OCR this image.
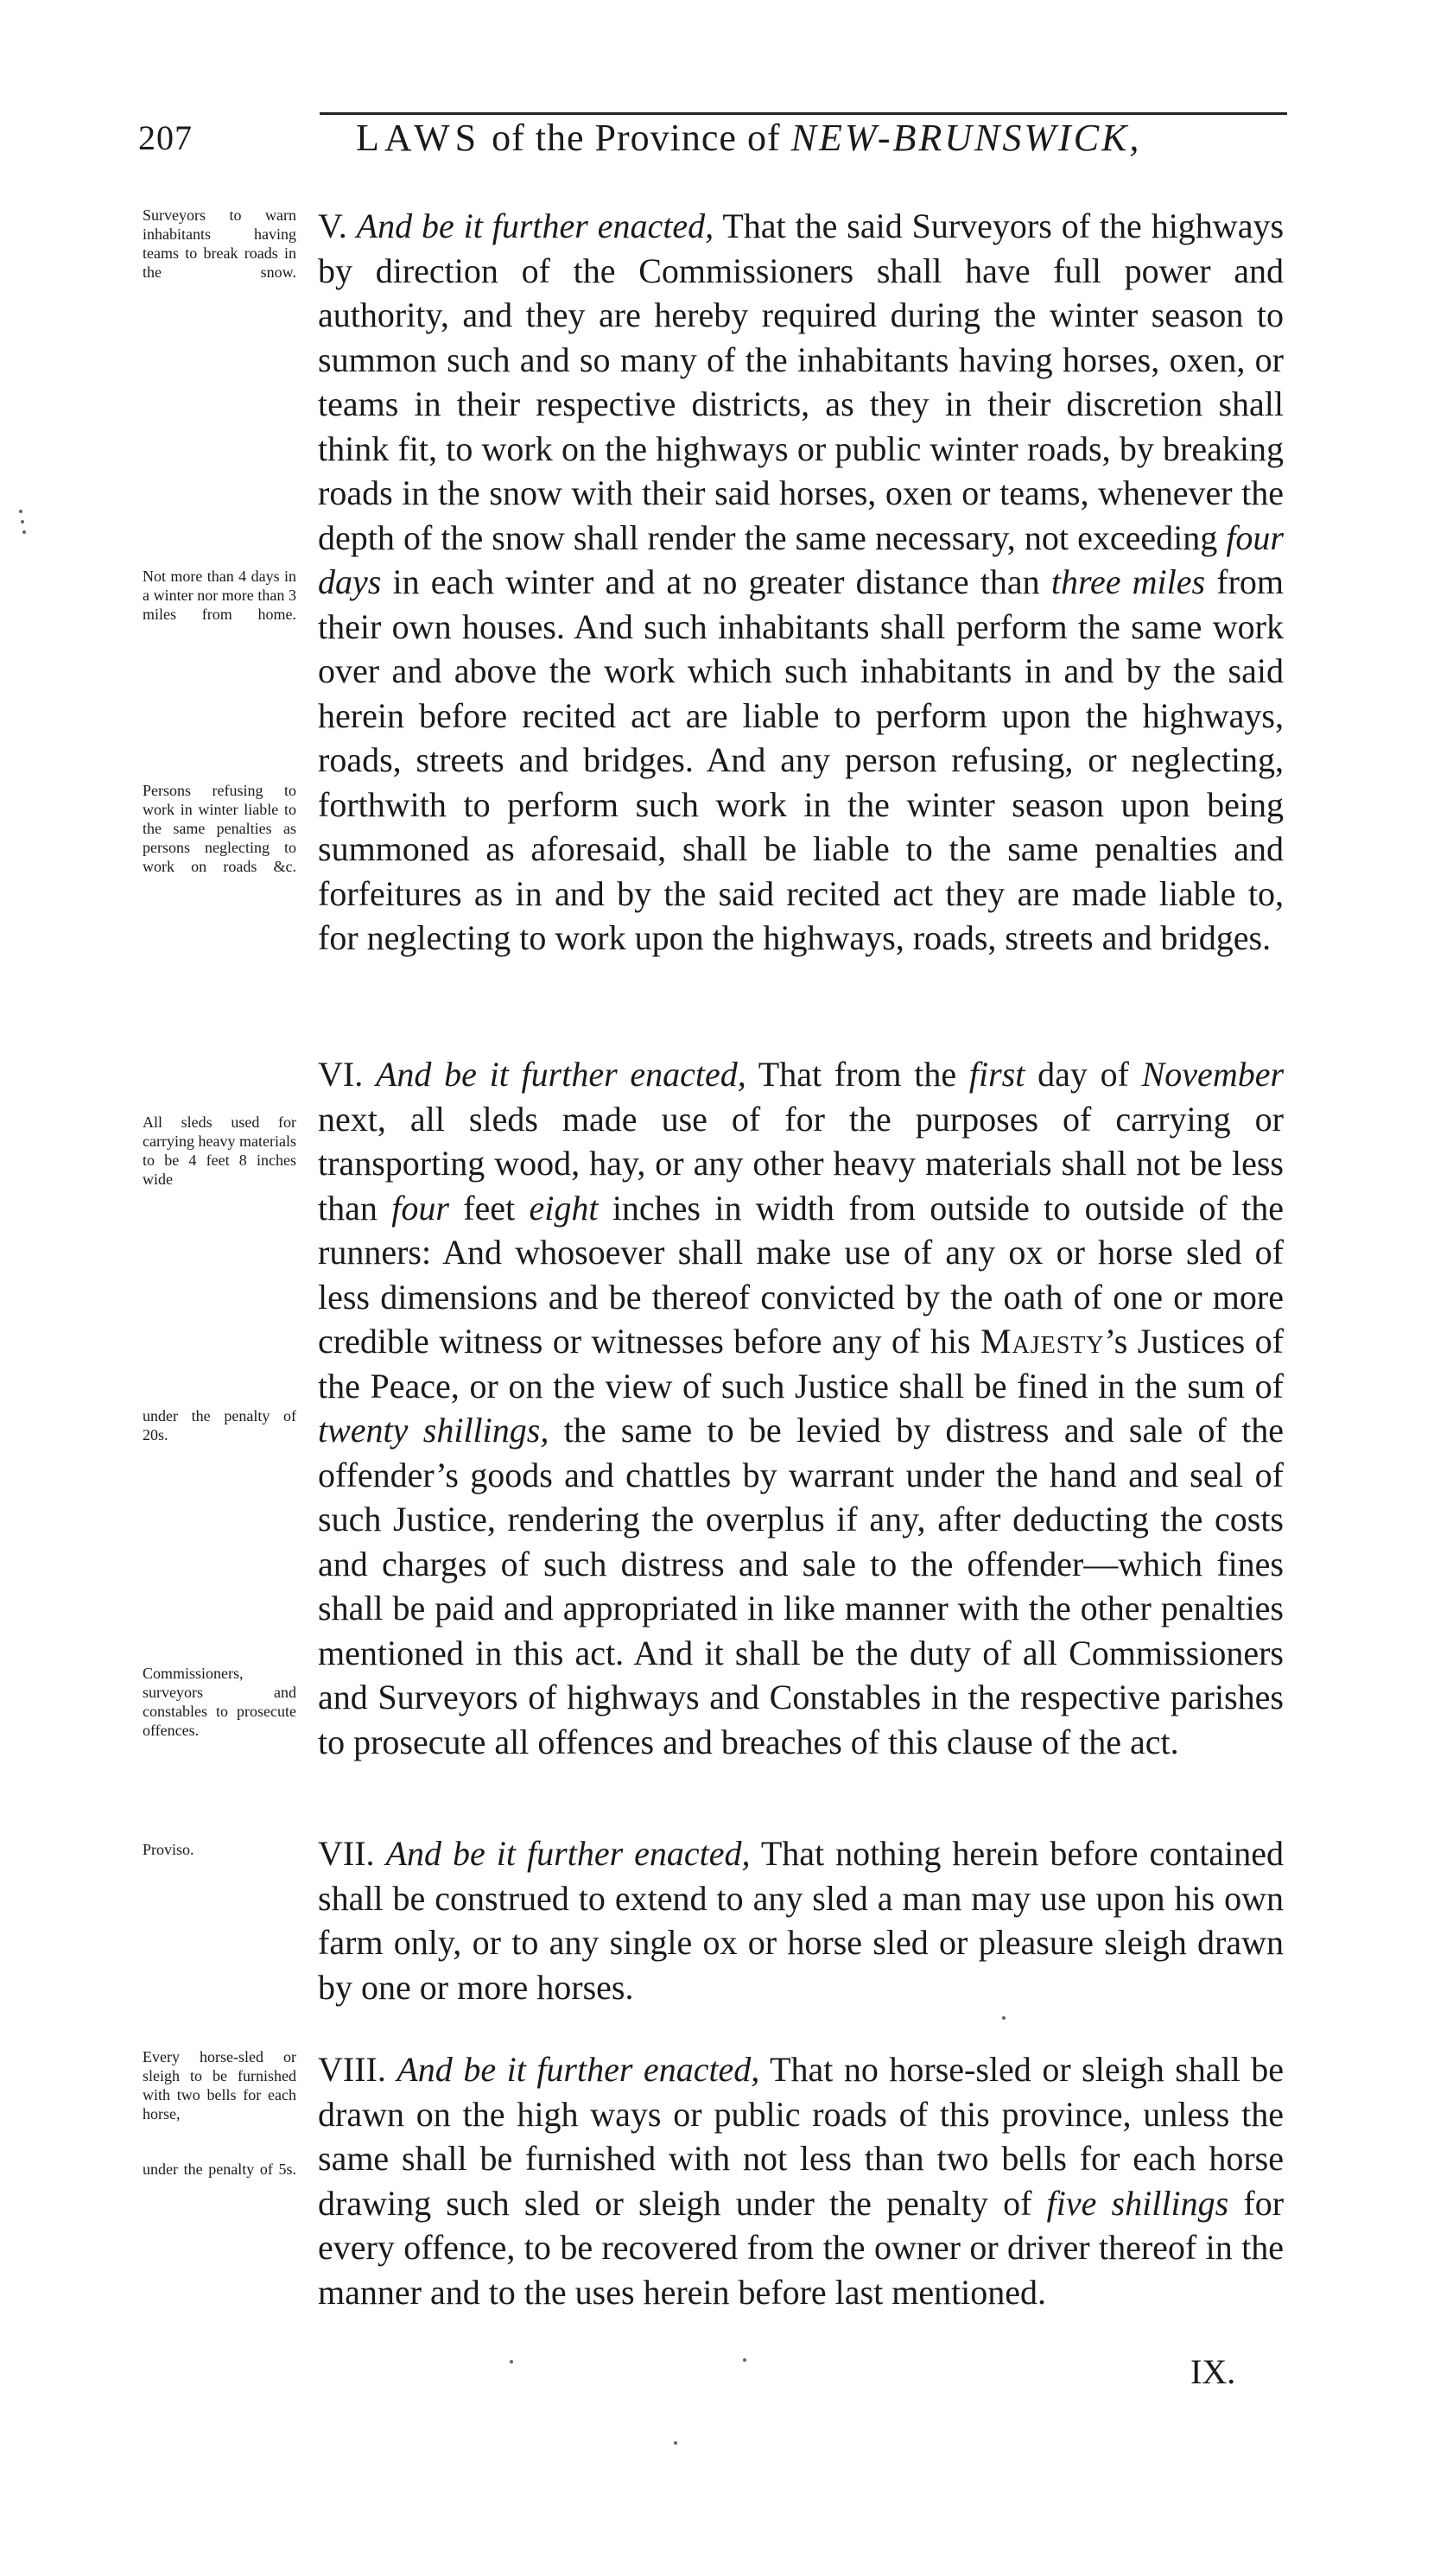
207	LAWS of the Province of NEW-BRUNSWICK,
Surveyors to warn inhabitants having teams to break roads in the snow.
Not more than 4 days in a winter nor more than 3 miles from home.
Persons refusing to work in winter liable to the same penalties as persons neglecting to work on roads &c.
All sleds used for carrying heavy materials to be 4 feet 8 inches wide
under the penalty of 20s.
Commissioners, surveyors and constables to prosecute offences.
Proviso.
Every horse-sled or sleigh to be furnished with two bells for each horse,
under the penalty of 5s.
V. And be it further enacted, That the said Surveyors of the highways by direction of the Commissioners shall have full power and authority, and they are hereby required during the winter season to summon such and so many of the inhabitants having horses, oxen, or teams in their respective districts, as they in their discretion shall think fit, to work on the highways or public winter roads, by breaking roads in the snow with their said horses, oxen or teams, whenever the depth of the snow shall render the same necessary, not exceeding four days in each winter and at no greater distance than three miles from their own houses. And such inhabitants shall perform the same work over and above the work which such inhabitants in and by the said herein before recited act are liable to perform upon the highways, roads, streets and bridges. And any person refusing, or neglecting, forthwith to perform such work in the winter season upon being summoned as aforesaid, shall be liable to the same penalties and forfeitures as in and by the said recited act they are made liable to, for neglecting to work upon the highways, roads, streets and bridges.
VI. And be it further enacted, That from the first day of November next, all sleds made use of for the purposes of carrying or transporting wood, hay, or any other heavy materials shall not be less than four feet eight inches in width from outside to outside of the runners: And whosoever shall make use of any ox or horse sled of less dimensions and be thereof convicted by the oath of one or more credible witness or witnesses before any of his Majesty’s Justices of the Peace, or on the view of such Justice shall be fined in the sum of twenty shillings, the same to be levied by distress and sale of the offender’s goods and chattles by warrant under the hand and seal of such Justice, rendering the overplus if any, after deducting the costs and charges of such distress and sale to the offender—which fines shall be paid and appropriated in like manner with the other penalties mentioned in this act. And it shall be the duty of all Commissioners and Surveyors of highways and Constables in the respective parishes to prosecute all offences and breaches of this clause of the act.
VII. And be it further enacted, That nothing herein before contained shall be construed to extend to any sled a man may use upon his own farm only, or to any single ox or horse sled or pleasure sleigh drawn by one or more horses.
VIII. And be it further enacted, That no horse-sled or sleigh shall be drawn on the high ways or public roads of this province, unless the same shall be furnished with not less than two bells for each horse drawing such sled or sleigh under the penalty of five shillings for every offence, to be recovered from the owner or driver thereof in the manner and to the uses herein before last mentioned.
IX.
